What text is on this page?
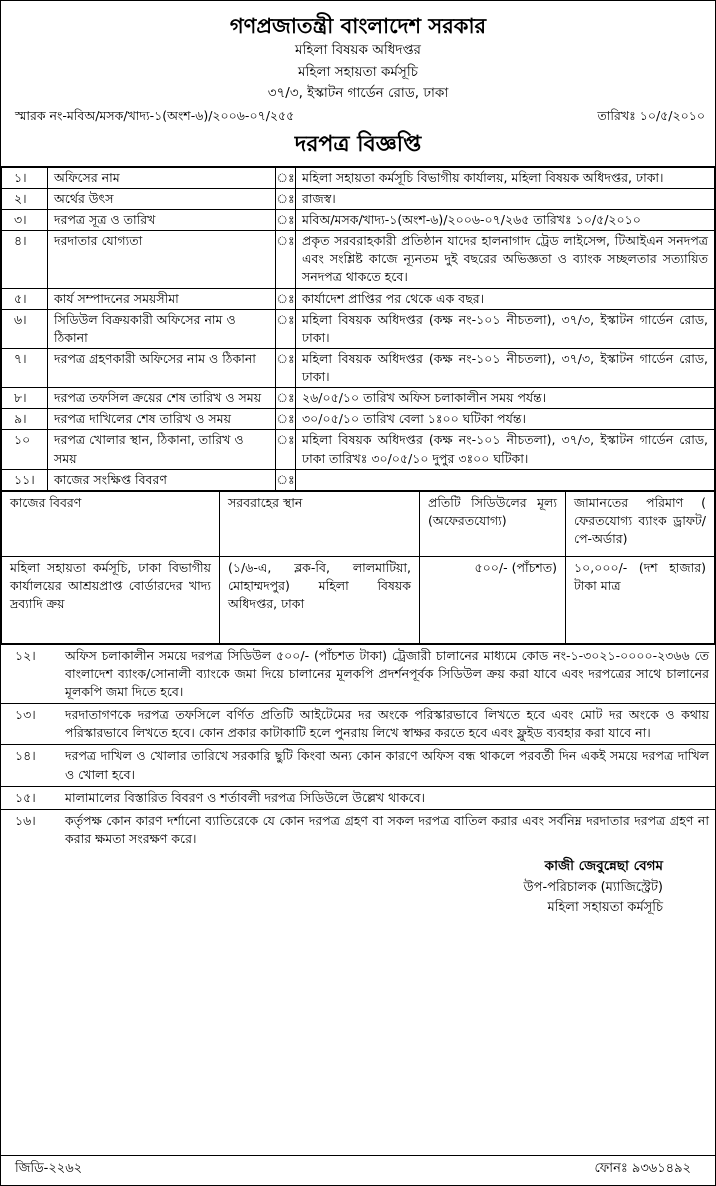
গণপ্রজাতন্ত্রী বাংলাদেশ সরকার
মহিলা বিষয়ক অধিদপ্তর
মহিলা সহায়তা কর্মসূচি
৩৭/৩, ইস্কাটন গার্ডেন রোড, ঢাকা
স্মারক নং-মবিঅ/মসক/খাদ্য-১(অংশ-৬)/২০০৬-০৭/২৫৫	তারিখঃ ১০/৫/২০১০
দরপত্র বিজ্ঞপ্তি
১।	অফিসের নাম	ঃ	মহিলা সহায়তা কর্মসূচি বিভাগীয় কার্যালয়, মহিলা বিষয়ক অধিদপ্তর, ঢাকা।
২।	অর্থের উৎস	ঃ	রাজস্ব।
৩।	দরপত্র সূত্র ও তারিখ	ঃ	মবিঅ/মসক/খাদ্য-১(অংশ-৬)/২০০৬-০৭/২৬৫ তারিখঃ ১০/৫/২০১০
৪।	দরদাতার যোগ্যতা	ঃ	প্রকৃত সরবরাহকারী প্রতিষ্ঠান যাদের হালনাগাদ ট্রেড লাইসেন্স, টিআইএন সনদপত্র এবং সংশ্লিষ্ট কাজে ন্যূনতম দুই বছরের অভিজ্ঞতা ও ব্যাংক সচ্ছলতার সত্যায়িত সনদপত্র থাকতে হবে।
৫।	কার্য সম্পাদনের সময়সীমা	ঃ	কার্যাদেশ প্রাপ্তির পর থেকে এক বছর।
৬।	সিডিউল বিক্রয়কারী অফিসের নাম ও ঠিকানা	ঃ	মহিলা বিষয়ক অধিদপ্তর (কক্ষ নং-১০১ নীচতলা), ৩৭/৩, ইস্কাটন গার্ডেন রোড, ঢাকা।
৭।	দরপত্র গ্রহণকারী অফিসের নাম ও ঠিকানা	ঃ	মহিলা বিষয়ক অধিদপ্তর (কক্ষ নং-১০১ নীচতলা), ৩৭/৩, ইস্কাটন গার্ডেন রোড, ঢাকা।
৮।	দরপত্র তফসিল ক্রয়ের শেষ তারিখ ও সময়	ঃ	২৬/০৫/১০ তারিখ অফিস চলাকালীন সময় পর্যন্ত।
৯।	দরপত্র দাখিলের শেষ তারিখ ও সময়	ঃ	৩০/০৫/১০ তারিখ বেলা ১ঃ০০ ঘটিকা পর্যন্ত।
১০	দরপত্র খোলার স্থান, ঠিকানা, তারিখ ও সময়	ঃ	মহিলা বিষয়ক অধিদপ্তর (কক্ষ নং-১০১ নীচতলা), ৩৭/৩, ইস্কাটন গার্ডেন রোড, ঢাকা তারিখঃ ৩০/০৫/১০ দুপুর ৩ঃ০০ ঘটিকা।
১১।	কাজের সংক্ষিপ্ত বিবরণ	ঃ	
কাজের বিবরণ	সরবরাহের স্থান	প্রতিটি সিডিউলের মূল্য (অফেরতযোগ্য)	জামানতের পরিমাণ ( ফেরতযোগ্য ব্যাংক ড্রাফট/পে-অর্ডার)
মহিলা সহায়তা কর্মসূচি, ঢাকা বিভাগীয় কার্যালয়ের আশ্রয়প্রাপ্ত বোর্ডারদের খাদ্য দ্রব্যাদি ক্রয়	(১/৬-এ, ব্লক-বি, লালমাটিয়া, মোহাম্মদপুর) মহিলা বিষয়ক অধিদপ্তর, ঢাকা	৫০০/- (পাঁচশত)	১০,০০০/- (দশ হাজার) টাকা মাত্র
১২।	অফিস চলাকালীন সময়ে দরপত্র সিডিউল ৫০০/- (পাঁচশত টাকা) ট্রেজারী চালানের মাধ্যমে কোড নং-১-৩০২১-০০০০-২৩৬৬ তে বাংলাদেশ ব্যাংক/সোনালী ব্যাংকে জমা দিয়ে চালানের মূলকপি প্রদর্শনপূর্বক সিডিউল ক্রয় করা যাবে এবং দরপত্রের সাথে চালানের মূলকপি জমা দিতে হবে।
১৩।	দরদাতাগণকে দরপত্র তফসিলে বর্ণিত প্রতিটি আইটেমের দর অংকে পরিস্কারভাবে লিখতে হবে এবং মোট দর অংকে ও কথায় পরিস্কারভাবে লিখতে হবে। কোন প্রকার কাটাকাটি হলে পুনরায় লিখে স্বাক্ষর করতে হবে এবং ফ্লুইড ব্যবহার করা যাবে না।
১৪।	দরপত্র দাখিল ও খোলার তারিখে সরকারি ছুটি কিংবা অন্য কোন কারণে অফিস বন্ধ থাকলে পরবর্তী দিন একই সময়ে দরপত্র দাখিল ও খোলা হবে।
১৫।	মালামালের বিস্তারিত বিবরণ ও শর্তাবলী দরপত্র সিডিউলে উল্লেখ থাকবে।
১৬।	কর্তৃপক্ষ কোন কারণ দর্শানো ব্যাতিরেকে যে কোন দরপত্র গ্রহণ বা সকল দরপত্র বাতিল করার এবং সর্বনিম্ন দরদাতার দরপত্র গ্রহণ না করার ক্ষমতা সংরক্ষণ করে।
কাজী জেবুন্নেছা বেগম
উপ-পরিচালক (ম্যাজিস্ট্রেট)
মহিলা সহায়তা কর্মসূচি
জিডি-২২৬২	ফোনঃ ৯৩৬১৪৯২
